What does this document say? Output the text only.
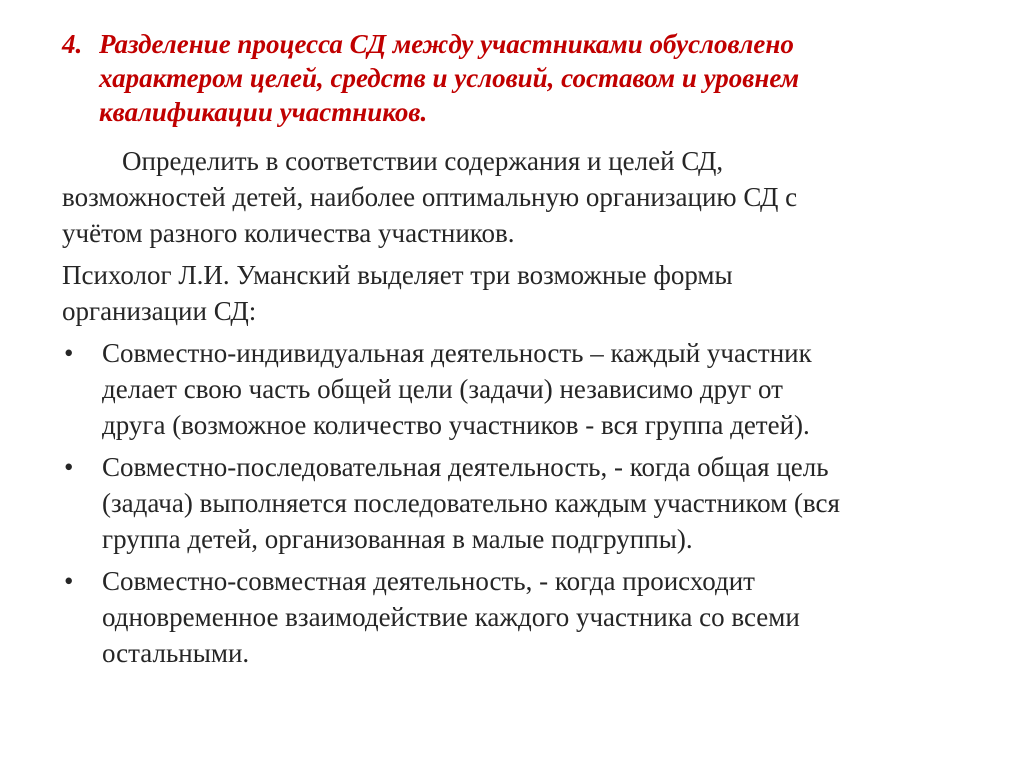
4. Разделение процесса СД между участниками обусловлено
характером целей, средств и условий, составом и уровнем
квалификации участников.

Определить в соответствии содержания и целей СД,
возможностей детей, наиболее оптимальную организацию СД с
учётом разного количества участников.

Психолог Л.И. Уманский выделяет три возможные формы
организации СД:
•	Совместно-индивидуальная деятельность – каждый участник
делает свою часть общей цели (задачи) независимо друг от
друга (возможное количество участников - вся группа детей).
•	Совместно-последовательная деятельность, - когда общая цель
(задача) выполняется последовательно каждым участником (вся
группа детей, организованная в малые подгруппы).
•	Совместно-совместная деятельность, - когда происходит
одновременное взаимодействие каждого участника со всеми
остальными.
